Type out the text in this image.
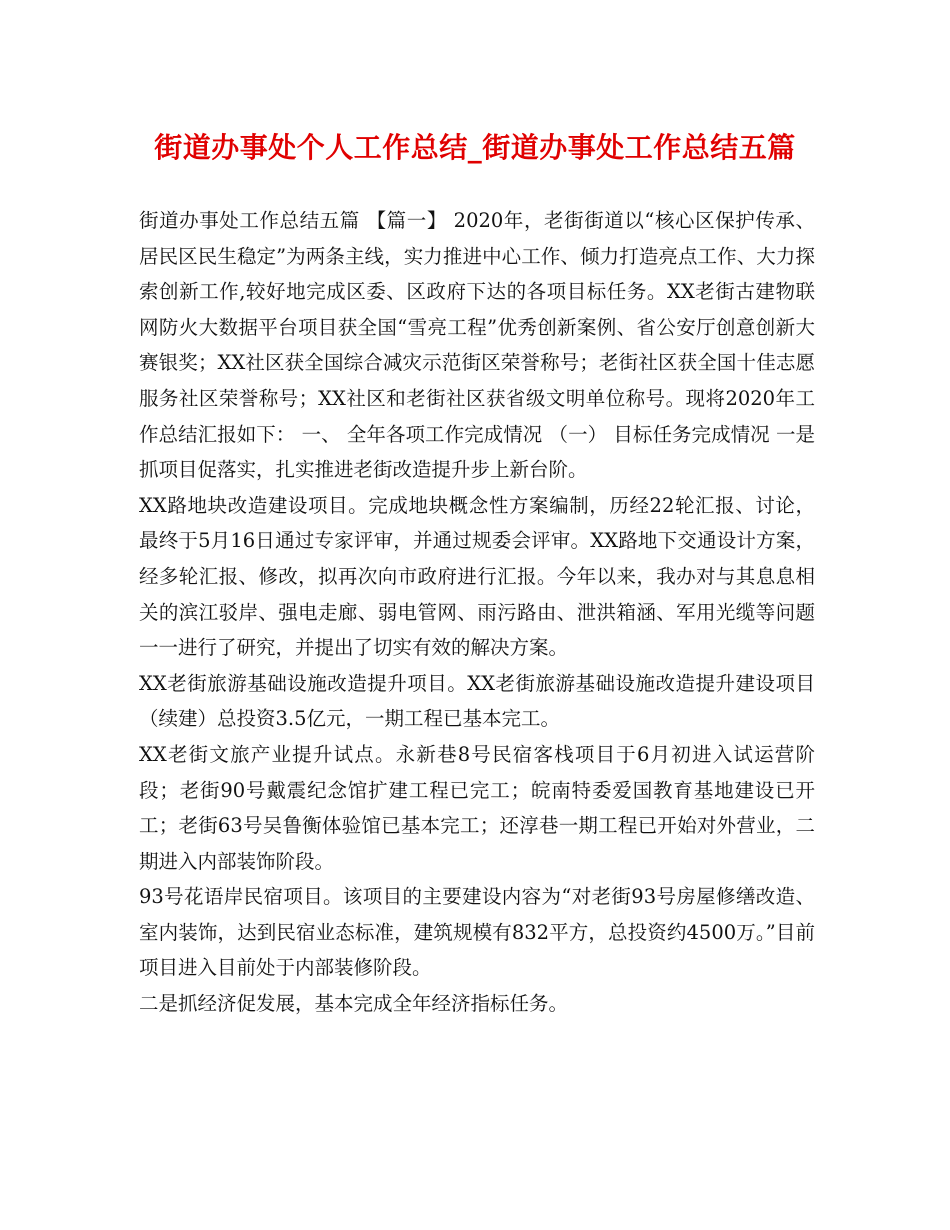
街道办事处个人工作总结_街道办事处工作总结五篇

街道办事处工作总结五篇 【篇一】 2020年，老街街道以“核心区保护传承、居民区民生稳定”为两条主线，实力推进中心工作、倾力打造亮点工作、大力探索创新工作,较好地完成区委、区政府下达的各项目标任务。XX老街古建物联网防火大数据平台项目获全国“雪亮工程”优秀创新案例、省公安厅创意创新大赛银奖；XX社区获全国综合减灾示范街区荣誉称号；老街社区获全国十佳志愿服务社区荣誉称号；XX社区和老街社区获省级文明单位称号。现将2020年工作总结汇报如下： 一、 全年各项工作完成情况 （一） 目标任务完成情况 一是抓项目促落实，扎实推进老街改造提升步上新台阶。

XX路地块改造建设项目。完成地块概念性方案编制，历经22轮汇报、讨论，最终于5月16日通过专家评审，并通过规委会评审。XX路地下交通设计方案，经多轮汇报、修改，拟再次向市政府进行汇报。今年以来，我办对与其息息相关的滨江驳岸、强电走廊、弱电管网、雨污路由、泄洪箱涵、军用光缆等问题一一进行了研究，并提出了切实有效的解决方案。

XX老街旅游基础设施改造提升项目。XX老街旅游基础设施改造提升建设项目（续建）总投资3.5亿元，一期工程已基本完工。

XX老街文旅产业提升试点。永新巷8号民宿客栈项目于6月初进入试运营阶段；老街90号戴震纪念馆扩建工程已完工；皖南特委爱国教育基地建设已开工；老街63号吴鲁衡体验馆已基本完工；还淳巷一期工程已开始对外营业，二期进入内部装饰阶段。

93号花语岸民宿项目。该项目的主要建设内容为“对老街93号房屋修缮改造、室内装饰，达到民宿业态标准，建筑规模有832平方，总投资约4500万。”目前项目进入目前处于内部装修阶段。

二是抓经济促发展，基本完成全年经济指标任务。
